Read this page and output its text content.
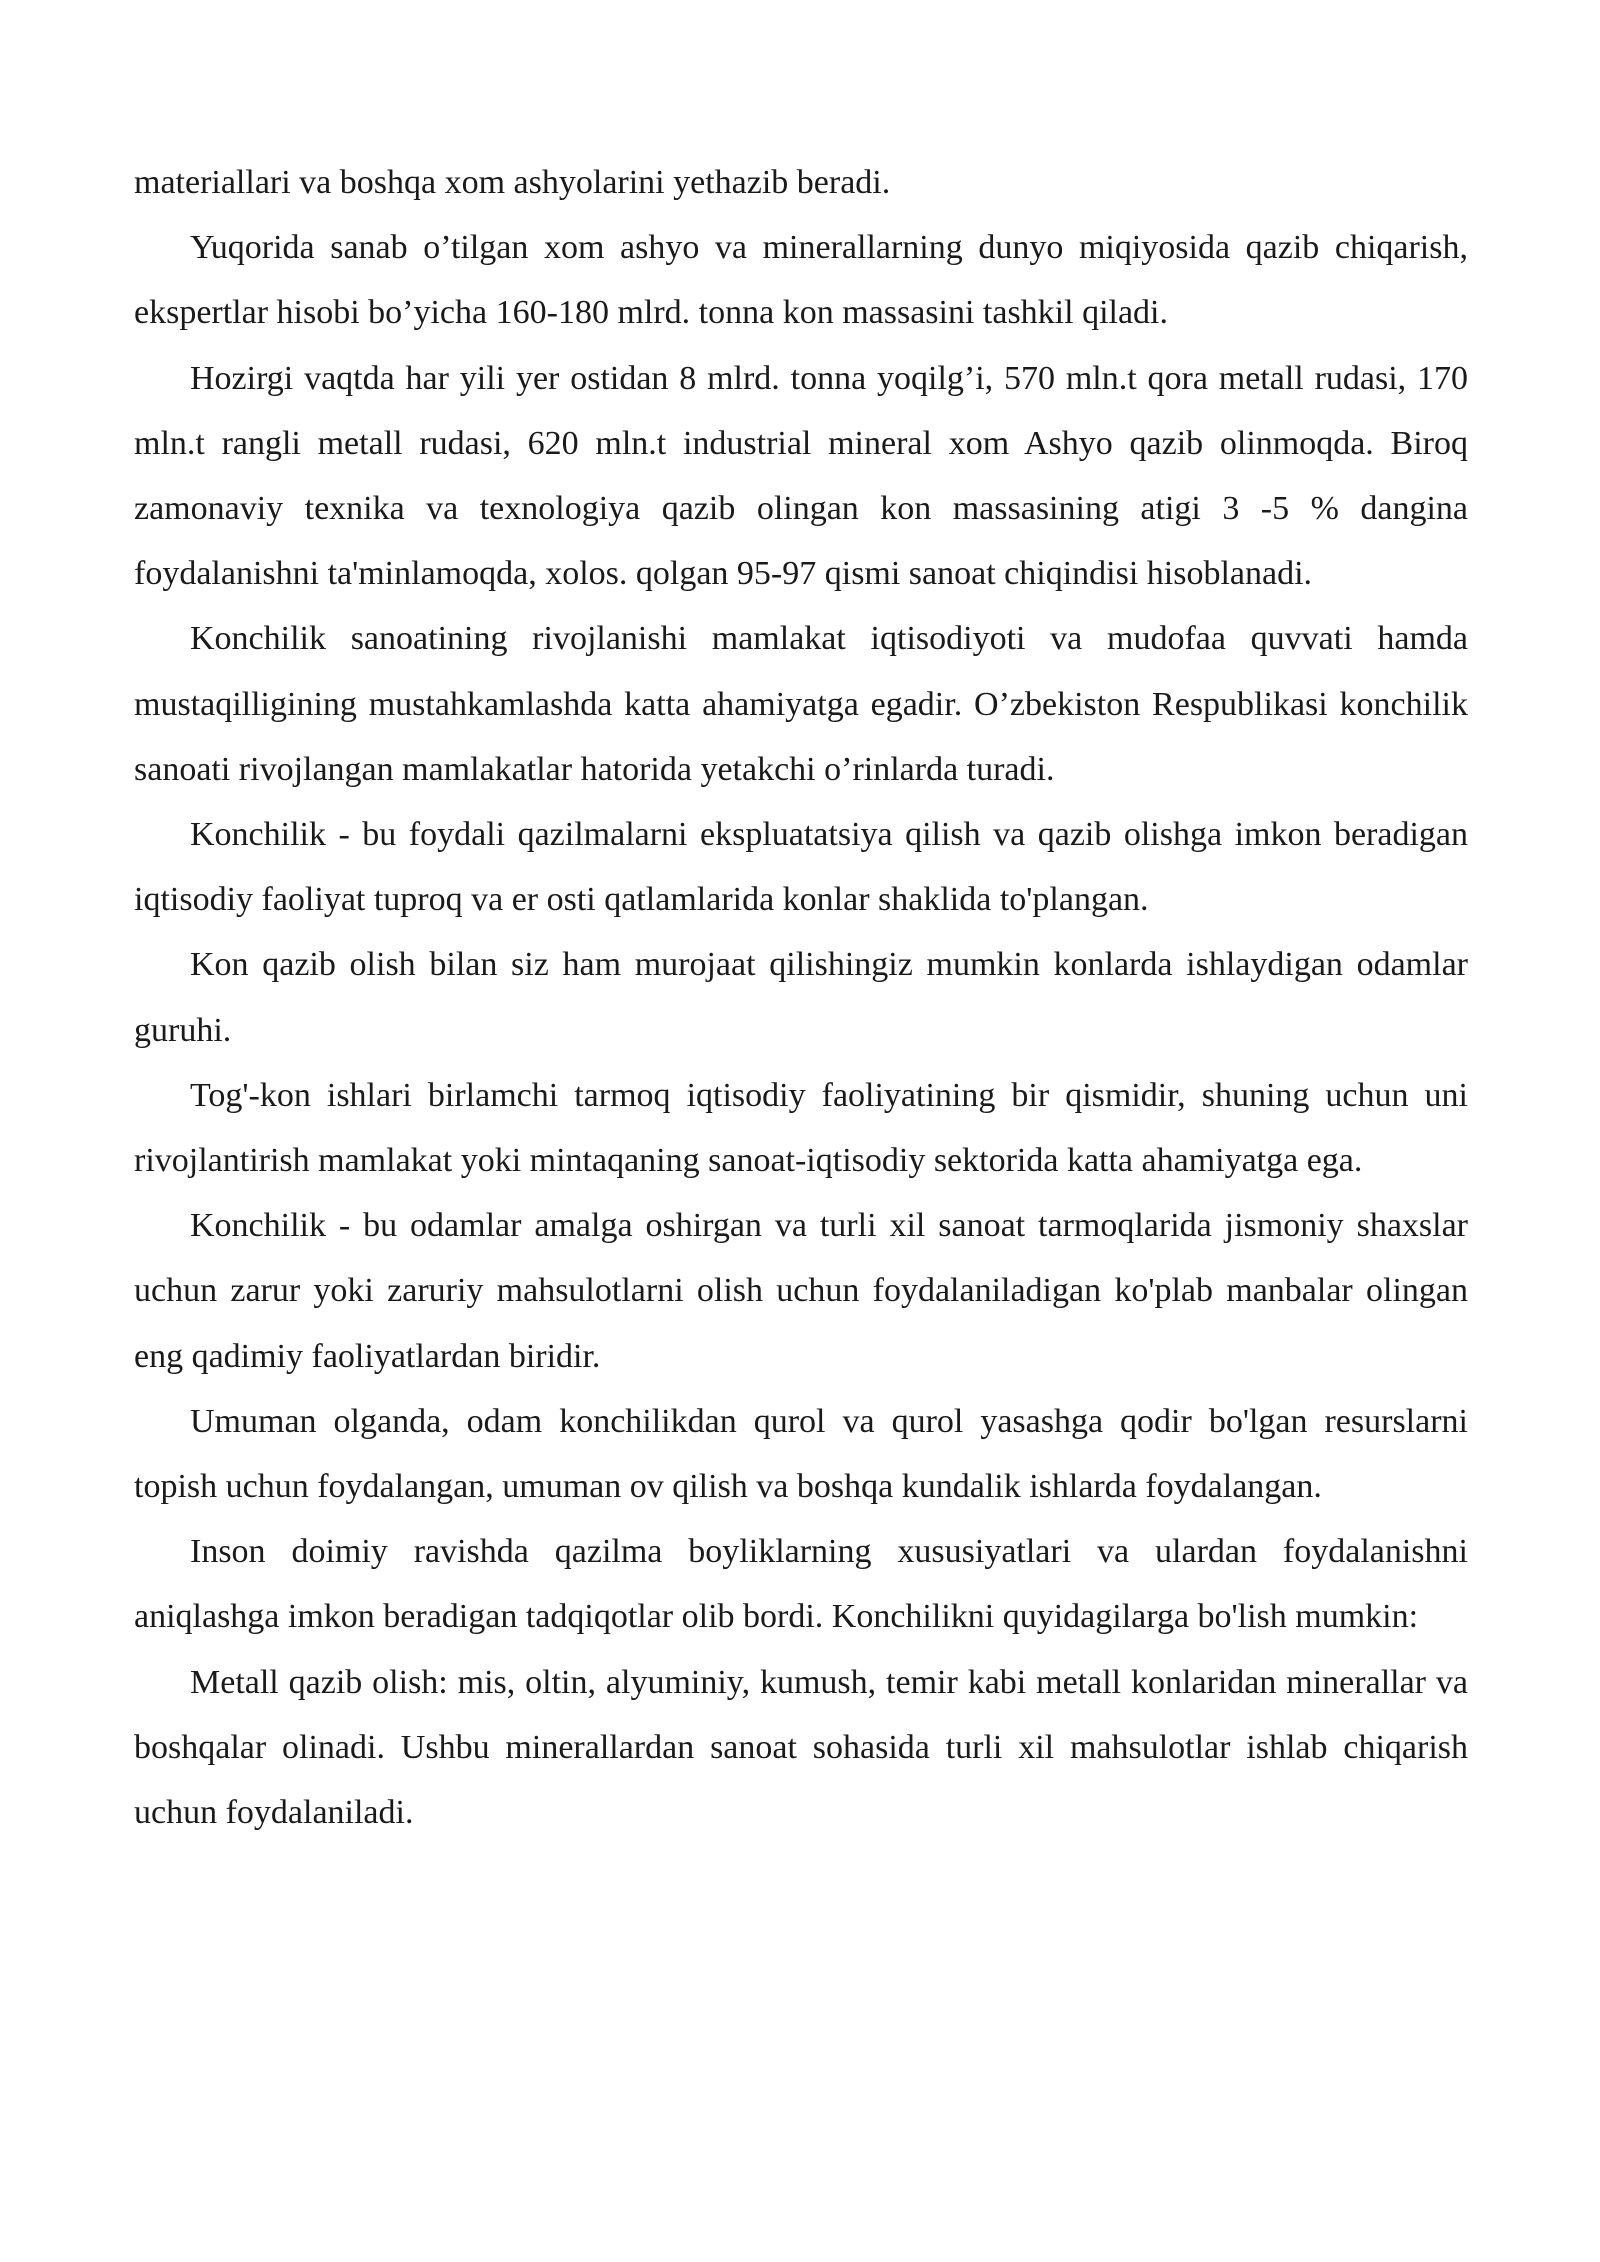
materiallari va boshqa xom ashyolarini yethazib beradi.

Yuqorida sanab o’tilgan xom ashyo va minerallarning dunyo miqiyosida qazib chiqarish, ekspertlar hisobi bo’yicha 160-180 mlrd. tonna kon massasini tashkil qiladi.

Hozirgi vaqtda har yili yer ostidan 8 mlrd. tonna yoqilg’i, 570 mln.t qora metall rudasi, 170 mln.t rangli metall rudasi, 620 mln.t industrial mineral xom Ashyo qazib olinmoqda. Biroq zamonaviy texnika va texnologiya qazib olingan kon massasining atigi 3 -5 % dangina foydalanishni ta'minlamoqda, xolos. qolgan 95-97 qismi sanoat chiqindisi hisoblanadi.

Konchilik sanoatining rivojlanishi mamlakat iqtisodiyoti va mudofaa quvvati hamda mustaqilligining mustahkamlashda katta ahamiyatga egadir. O’zbekiston Respublikasi konchilik sanoati rivojlangan mamlakatlar hatorida yetakchi o’rinlarda turadi.

Konchilik - bu foydali qazilmalarni ekspluatatsiya qilish va qazib olishga imkon beradigan iqtisodiy faoliyat tuproq va er osti qatlamlarida konlar shaklida to'plangan.

Kon qazib olish bilan siz ham murojaat qilishingiz mumkin konlarda ishlaydigan odamlar guruhi.

Tog'-kon ishlari birlamchi tarmoq iqtisodiy faoliyatining bir qismidir, shuning uchun uni rivojlantirish mamlakat yoki mintaqaning sanoat-iqtisodiy sektorida katta ahamiyatga ega.

Konchilik - bu odamlar amalga oshirgan va turli xil sanoat tarmoqlarida jismoniy shaxslar uchun zarur yoki zaruriy mahsulotlarni olish uchun foydalaniladigan ko'plab manbalar olingan eng qadimiy faoliyatlardan biridir.

Umuman olganda, odam konchilikdan qurol va qurol yasashga qodir bo'lgan resurslarni topish uchun foydalangan, umuman ov qilish va boshqa kundalik ishlarda foydalangan.

Inson doimiy ravishda qazilma boyliklarning xususiyatlari va ulardan foydalanishni aniqlashga imkon beradigan tadqiqotlar olib bordi. Konchilikni quyidagilarga bo'lish mumkin:

Metall qazib olish: mis, oltin, alyuminiy, kumush, temir kabi metall konlaridan minerallar va boshqalar olinadi. Ushbu minerallardan sanoat sohasida turli xil mahsulotlar ishlab chiqarish uchun foydalaniladi.
